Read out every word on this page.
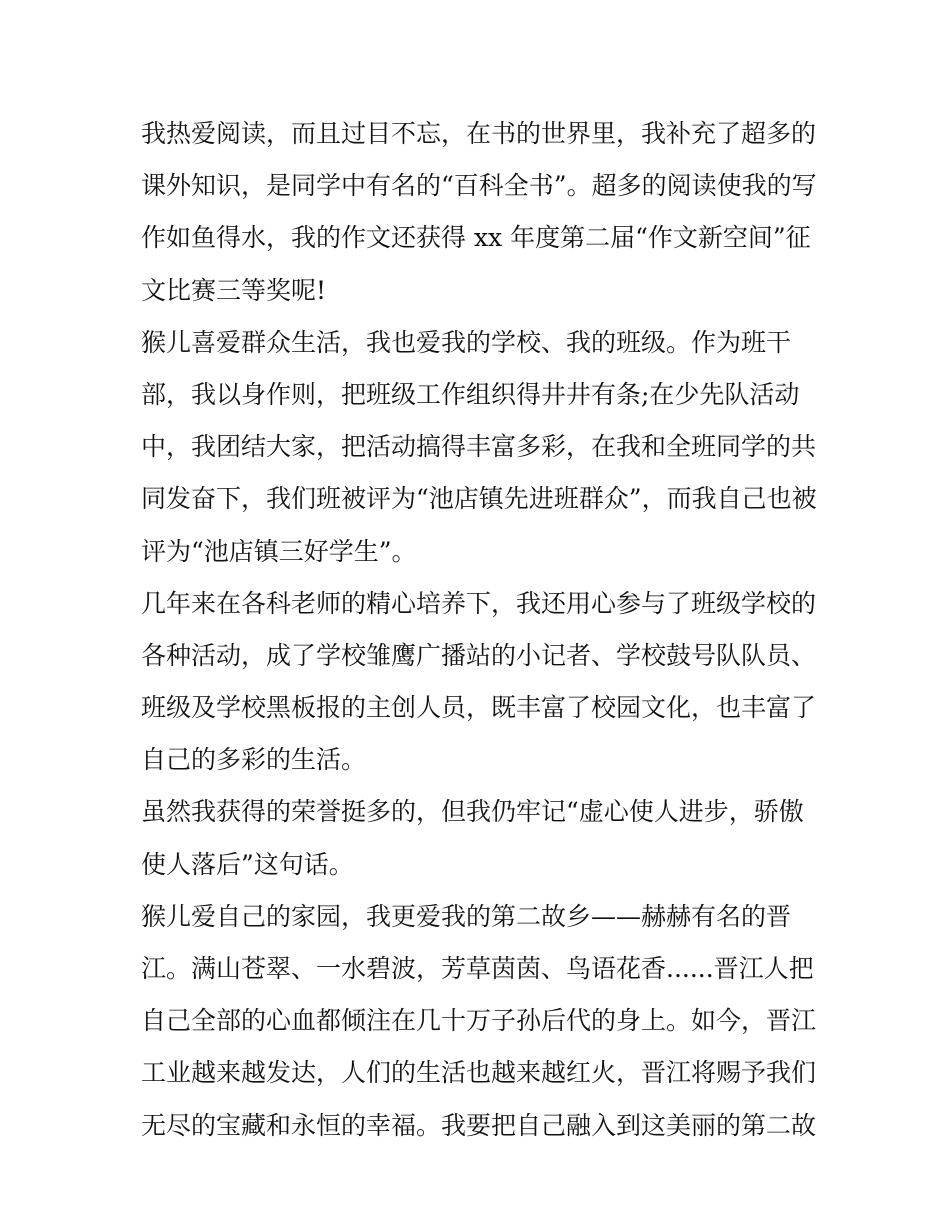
我热爱阅读，而且过目不忘，在书的世界里，我补充了超多的
课外知识，是同学中有名的“百科全书”。超多的阅读使我的写
作如鱼得水，我的作文还获得 xx 年度第二届“作文新空间”征
文比赛三等奖呢!
猴儿喜爱群众生活，我也爱我的学校、我的班级。作为班干
部，我以身作则，把班级工作组织得井井有条;在少先队活动
中，我团结大家，把活动搞得丰富多彩，在我和全班同学的共
同发奋下，我们班被评为“池店镇先进班群众”，而我自己也被
评为“池店镇三好学生”。
几年来在各科老师的精心培养下，我还用心参与了班级学校的
各种活动，成了学校雏鹰广播站的小记者、学校鼓号队队员、
班级及学校黑板报的主创人员，既丰富了校园文化，也丰富了
自己的多彩的生活。
虽然我获得的荣誉挺多的，但我仍牢记“虚心使人进步，骄傲
使人落后”这句话。
猴儿爱自己的家园，我更爱我的第二故乡——赫赫有名的晋
江。满山苍翠、一水碧波，芳草茵茵、鸟语花香......晋江人把
自己全部的心血都倾注在几十万子孙后代的身上。如今，晋江
工业越来越发达，人们的生活也越来越红火，晋江将赐予我们
无尽的宝藏和永恒的幸福。我要把自己融入到这美丽的第二故
